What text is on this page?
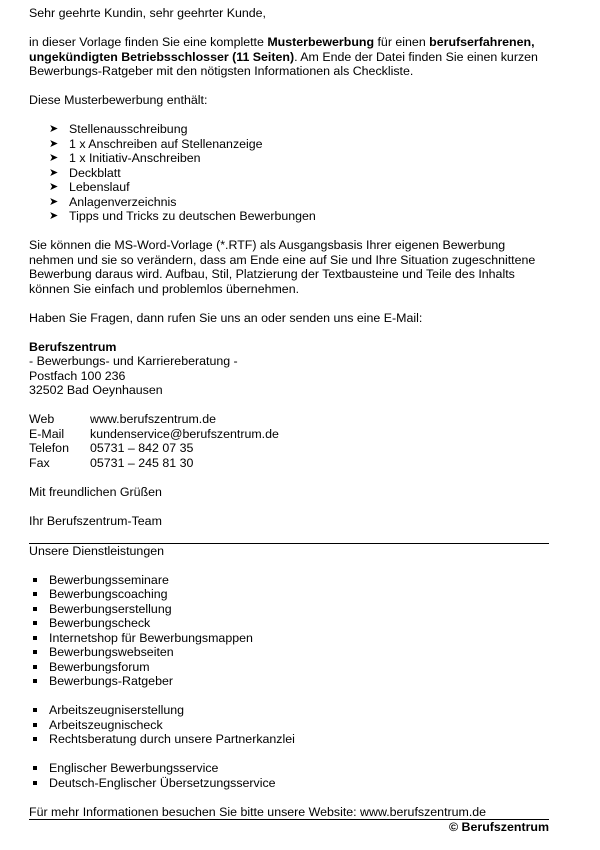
Sehr geehrte Kundin, sehr geehrter Kunde,

in dieser Vorlage finden Sie eine komplette Musterbewerbung für einen berufserfahrenen, ungekündigten Betriebsschlosser (11 Seiten). Am Ende der Datei finden Sie einen kurzen Bewerbungs-Ratgeber mit den nötigsten Informationen als Checkliste.

Diese Musterbewerbung enthält:

➤ Stellenausschreibung
➤ 1 x Anschreiben auf Stellenanzeige
➤ 1 x Initiativ-Anschreiben
➤ Deckblatt
➤ Lebenslauf
➤ Anlagenverzeichnis
➤ Tipps und Tricks zu deutschen Bewerbungen

Sie können die MS-Word-Vorlage (*.RTF) als Ausgangsbasis Ihrer eigenen Bewerbung nehmen und sie so verändern, dass am Ende eine auf Sie und Ihre Situation zugeschnittene Bewerbung daraus wird. Aufbau, Stil, Platzierung der Textbausteine und Teile des Inhalts können Sie einfach und problemlos übernehmen.

Haben Sie Fragen, dann rufen Sie uns an oder senden uns eine E-Mail:

Berufszentrum

- Bewerbungs- und Karriereberatung -

Postfach 100 236

32502 Bad Oeynhausen

Web	www.berufszentrum.de
E-Mail	kundenservice@berufszentrum.de
Telefon	05731 – 842 07 35
Fax	05731 – 245 81 30

Mit freundlichen Grüßen

Ihr Berufszentrum-Team

Unsere Dienstleistungen

Bewerbungsseminare
Bewerbungscoaching
Bewerbungserstellung
Bewerbungscheck
Internetshop für Bewerbungsmappen
Bewerbungswebseiten
Bewerbungsforum
Bewerbungs-Ratgeber
Arbeitszeugniserstellung
Arbeitszeugnischeck
Rechtsberatung durch unsere Partnerkanzlei
Englischer Bewerbungsservice
Deutsch-Englischer Übersetzungsservice

Für mehr Informationen besuchen Sie bitte unsere Website: www.berufszentrum.de

© Berufszentrum
